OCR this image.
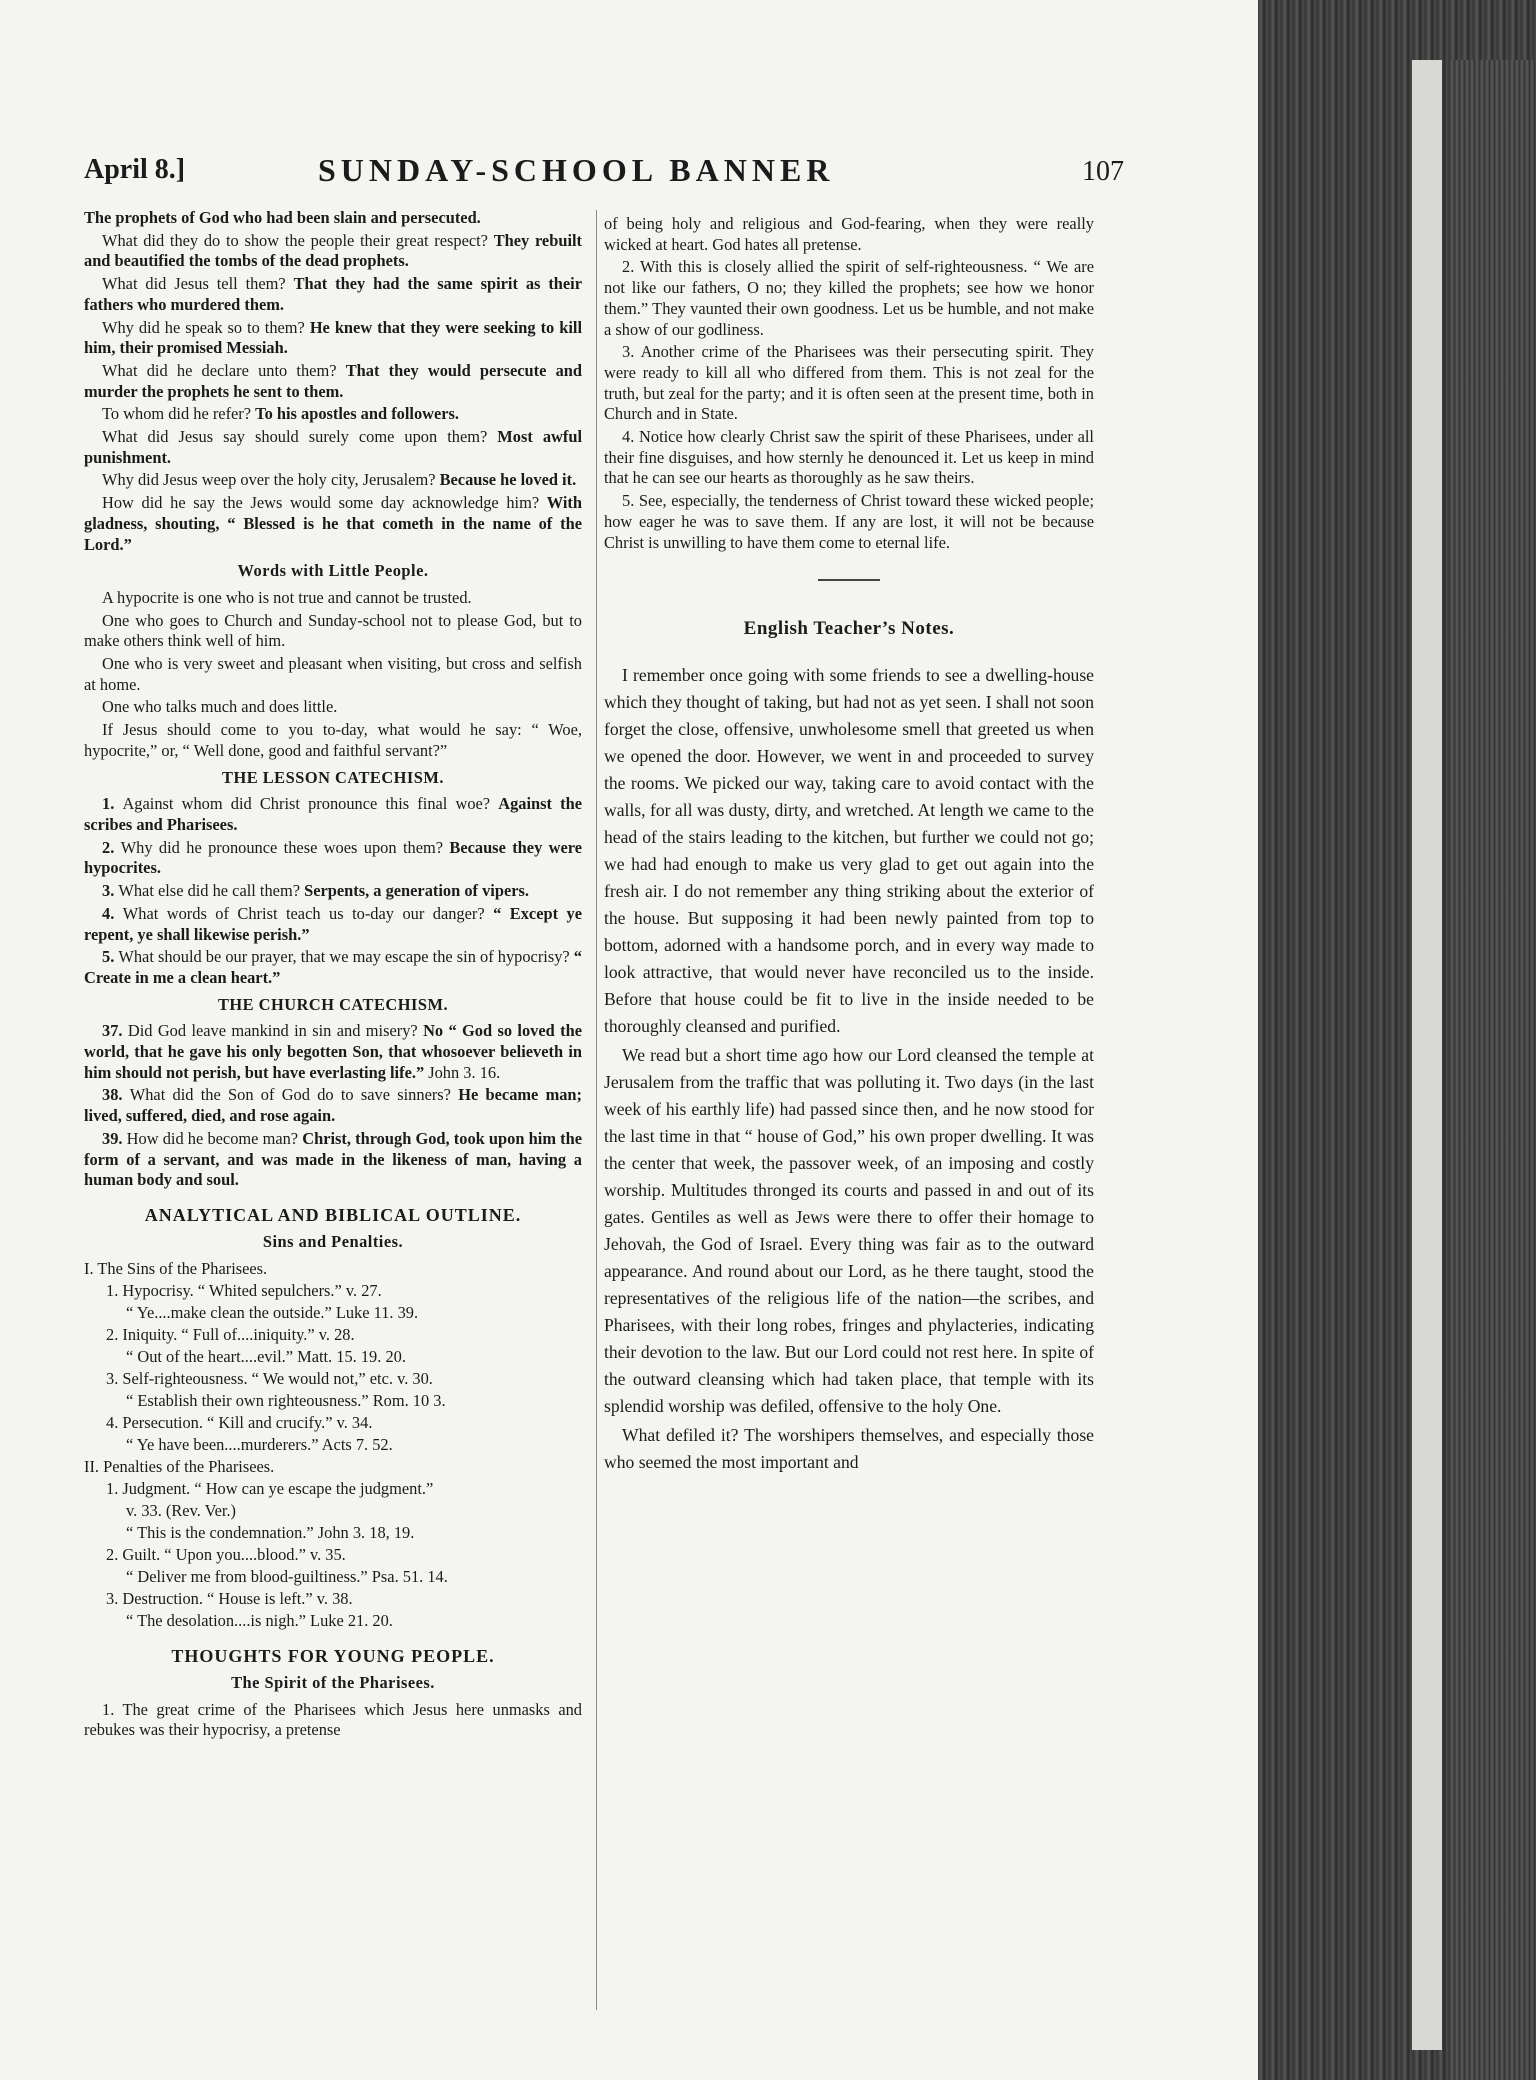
April 8.]	SUNDAY-SCHOOL BANNER	107

The prophets of God who had been slain and persecuted.

What did they do to show the people their great respect? They rebuilt and beautified the tombs of the dead prophets.

What did Jesus tell them? That they had the same spirit as their fathers who murdered them.

Why did he speak so to them? He knew that they were seeking to kill him, their promised Messiah.

What did he declare unto them? That they would persecute and murder the prophets he sent to them.

To whom did he refer? To his apostles and followers.

What did Jesus say should surely come upon them? Most awful punishment.

Why did Jesus weep over the holy city, Jerusalem? Because he loved it.

How did he say the Jews would some day acknowledge him? With gladness, shouting, “ Blessed is he that cometh in the name of the Lord.”

Words with Little People.

A hypocrite is one who is not true and cannot be trusted.

One who goes to Church and Sunday-school not to please God, but to make others think well of him.

One who is very sweet and pleasant when visiting, but cross and selfish at home.

One who talks much and does little.

If Jesus should come to you to-day, what would he say: “ Woe, hypocrite,” or, “ Well done, good and faithful servant?”

THE LESSON CATECHISM.

1. Against whom did Christ pronounce this final woe? Against the scribes and Pharisees.

2. Why did he pronounce these woes upon them? Because they were hypocrites.

3. What else did he call them? Serpents, a generation of vipers.

4. What words of Christ teach us to-day our danger? “ Except ye repent, ye shall likewise perish.”

5. What should be our prayer, that we may escape the sin of hypocrisy? “ Create in me a clean heart.”

THE CHURCH CATECHISM.

37. Did God leave mankind in sin and misery? No “ God so loved the world, that he gave his only begotten Son, that whosoever believeth in him should not perish, but have everlasting life.” John 3. 16.

38. What did the Son of God do to save sinners? He became man; lived, suffered, died, and rose again.

39. How did he become man? Christ, through God, took upon him the form of a servant, and was made in the likeness of man, having a human body and soul.

ANALYTICAL AND BIBLICAL OUTLINE.
Sins and Penalties.
I. The Sins of the Pharisees.
1. Hypocrisy. “ Whited sepulchers.” v. 27.
“ Ye....make clean the outside.” Luke 11. 39.
2. Iniquity. “ Full of....iniquity.” v. 28.
“ Out of the heart....evil.” Matt. 15. 19. 20.
3. Self-righteousness. “ We would not,” etc. v. 30.
“ Establish their own righteousness.” Rom. 10 3.
4. Persecution. “ Kill and crucify.” v. 34.
“ Ye have been....murderers.” Acts 7. 52.
II. Penalties of the Pharisees.
1. Judgment. “ How can ye escape the judgment.”
v. 33. (Rev. Ver.)
“ This is the condemnation.” John 3. 18, 19.
2. Guilt. “ Upon you....blood.” v. 35.
“ Deliver me from blood-guiltiness.” Psa. 51. 14.
3. Destruction. “ House is left.” v. 38.
“ The desolation....is nigh.” Luke 21. 20.
THOUGHTS FOR YOUNG PEOPLE.
The Spirit of the Pharisees.

1. The great crime of the Pharisees which Jesus here unmasks and rebukes was their hypocrisy, a pretense

of being holy and religious and God-fearing, when they were really wicked at heart. God hates all pretense.

2. With this is closely allied the spirit of self-righteousness. “ We are not like our fathers, O no; they killed the prophets; see how we honor them.” They vaunted their own goodness. Let us be humble, and not make a show of our godliness.

3. Another crime of the Pharisees was their persecuting spirit. They were ready to kill all who differed from them. This is not zeal for the truth, but zeal for the party; and it is often seen at the present time, both in Church and in State.

4. Notice how clearly Christ saw the spirit of these Pharisees, under all their fine disguises, and how sternly he denounced it. Let us keep in mind that he can see our hearts as thoroughly as he saw theirs.

5. See, especially, the tenderness of Christ toward these wicked people; how eager he was to save them. If any are lost, it will not be because Christ is unwilling to have them come to eternal life.

English Teacher’s Notes.

I remember once going with some friends to see a dwelling-house which they thought of taking, but had not as yet seen. I shall not soon forget the close, offensive, unwholesome smell that greeted us when we opened the door. However, we went in and proceeded to survey the rooms. We picked our way, taking care to avoid contact with the walls, for all was dusty, dirty, and wretched. At length we came to the head of the stairs leading to the kitchen, but further we could not go; we had had enough to make us very glad to get out again into the fresh air. I do not remember any thing striking about the exterior of the house. But supposing it had been newly painted from top to bottom, adorned with a handsome porch, and in every way made to look attractive, that would never have reconciled us to the inside. Before that house could be fit to live in the inside needed to be thoroughly cleansed and purified.

We read but a short time ago how our Lord cleansed the temple at Jerusalem from the traffic that was polluting it. Two days (in the last week of his earthly life) had passed since then, and he now stood for the last time in that “ house of God,” his own proper dwelling. It was the center that week, the passover week, of an imposing and costly worship. Multitudes thronged its courts and passed in and out of its gates. Gentiles as well as Jews were there to offer their homage to Jehovah, the God of Israel. Every thing was fair as to the outward appearance. And round about our Lord, as he there taught, stood the representatives of the religious life of the nation—the scribes, and Pharisees, with their long robes, fringes and phylacteries, indicating their devotion to the law. But our Lord could not rest here. In spite of the outward cleansing which had taken place, that temple with its splendid worship was defiled, offensive to the holy One.

What defiled it? The worshipers themselves, and especially those who seemed the most important and
